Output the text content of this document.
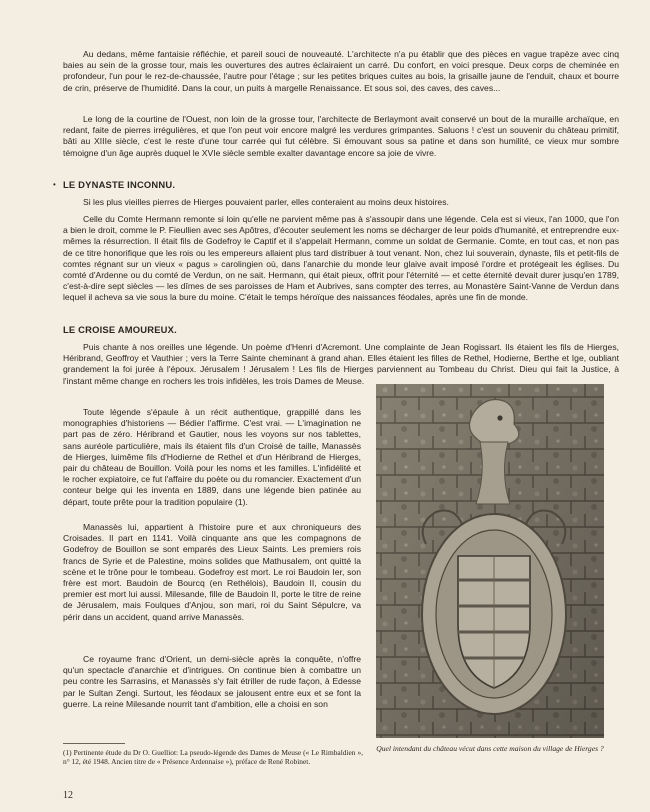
Au dedans, même fantaisie réfléchie, et pareil souci de nouveauté. L'architecte n'a pu établir que des pièces en vague trapèze avec cinq baies au sein de la grosse tour, mais les ouvertures des autres éclairaient un carré. Du confort, en voici presque. Deux corps de cheminée en profondeur, l'un pour le rez-de-chaussée, l'autre pour l'étage ; sur les petites briques cuites au bois, la grisaille jaune de l'enduit, chaux et bourre de crin, préserve de l'humidité. Dans la cour, un puits à margelle Renaissance. Et sous soi, des caves, des caves...

Le long de la courtine de l'Ouest, non loin de la grosse tour, l'architecte de Berlaymont avait conservé un bout de la muraille archaïque, en redant, faite de pierres irrégulières, et que l'on peut voir encore malgré les verdures grimpantes. Saluons ! c'est un souvenir du château primitif, bâti au XIIIe siècle, c'est le reste d'une tour carrée qui fut célèbre. Si émouvant sous sa patine et dans son humilité, ce vieux mur sombre témoigne d'un âge auprès duquel le XVIe siècle semble exalter davantage encore sa joie de vivre.

• LE DYNASTE INCONNU.

Si les plus vieilles pierres de Hierges pouvaient parler, elles conteraient au moins deux histoires.

Celle du Comte Hermann remonte si loin qu'elle ne parvient même pas à s'assoupir dans une légende. Cela est si vieux, l'an 1000, que l'on a bien le droit, comme le P. Fieullien avec ses Apôtres, d'écouter seulement les noms se décharger de leur poids d'humanité, et entreprendre eux-mêmes la résurrection. Il était fils de Godefroy le Captif et il s'appelait Hermann, comme un soldat de Germanie. Comte, en tout cas, et non pas de ce titre honorifique que les rois ou les empereurs allaient plus tard distribuer à tout venant. Non, chez lui souverain, dynaste, fils et petit-fils de comtes régnant sur un vieux « pagus » carolingien où, dans l'anarchie du monde leur glaive avait imposé l'ordre et protégeait les églises. Du comté d'Ardenne ou du comté de Verdun, on ne sait. Hermann, qui était pieux, offrit pour l'éternité — et cette éternité devait durer jusqu'en 1789, c'est-à-dire sept siècles — les dîmes de ses paroisses de Ham et Aubrives, sans compter des terres, au Monastère Saint-Vanne de Verdun dans lequel il acheva sa vie sous la bure du moine. C'était le temps héroïque des naissances féodales, après une fin de monde.

LE CROISE AMOUREUX.

Puis chante à nos oreilles une légende. Un poème d'Henri d'Acremont. Une complainte de Jean Rogissart. Ils étaient les fils de Hierges, Héribrand, Geoffroy et Vauthier ; vers la Terre Sainte cheminant à grand ahan. Elles étaient les filles de Rethel, Hodierne, Berthe et Ige, oubliant grandement la foi jurée à l'époux. Jérusalem ! Jérusalem ! Les fils de Hierges parviennent au Tombeau du Christ. Dieu qui fait la Justice, à l'instant même change en rochers les trois infidèles, les trois Dames de Meuse.

Toute légende s'épaule à un récit authentique, grappillé dans les monographies d'historiens — Bédier l'affirme. C'est vrai. — L'imagination ne part pas de zéro. Héribrand et Gautier, nous les voyons sur nos tablettes, sans auréole particulière, mais ils étaient fils d'un Croisé de taille, Manassès de Hierges, luimême fils d'Hodierne de Rethel et d'un Héribrand de Hierges, pair du château de Bouillon. Voilà pour les noms et les familles. L'infidélité et le rocher expiatoire, ce fut l'affaire du poète ou du romancier. Exactement d'un conteur belge qui les inventa en 1889, dans une légende bien patinée au départ, toute prête pour la tradition populaire (1).

Manassès lui, appartient à l'histoire pure et aux chroniqueurs des Croisades. Il part en 1141. Voilà cinquante ans que les compagnons de Godefroy de Bouillon se sont emparés des Lieux Saints. Les premiers rois francs de Syrie et de Palestine, moins solides que Mathusalem, ont quitté la scène et le trône pour le tombeau. Godefroy est mort. Le roi Baudoin Ier, son frère est mort. Baudoin de Bourcq (en Rethélois), Baudoin II, cousin du premier est mort lui aussi. Milesande, fille de Baudoin II, porte le titre de reine de Jérusalem, mais Foulques d'Anjou, son mari, roi du Saint Sépulcre, va périr dans un accident, quand arrive Manassès.

Ce royaume franc d'Orient, un demi-siècle après la conquête, n'offre qu'un spectacle d'anarchie et d'intrigues. On continue bien à combattre un peu contre les Sarrasins, et Manassès s'y fait étriller de rude façon, à Edesse par le Sultan Zengi. Surtout, les féodaux se jalousent entre eux et se font la guerre. La reine Milesande nourrit tant d'ambition, elle a choisi en son

(1) Pertinente étude du Dr O. Guelliot: La pseudo-légende des Dames de Meuse (« Le Rimbaldien », n° 12, été 1948. Ancien titre de « Présence Ardennaise »), préface de René Robinet.
Quel intendant du château vécut dans cette maison du village de Hierges ?
12
